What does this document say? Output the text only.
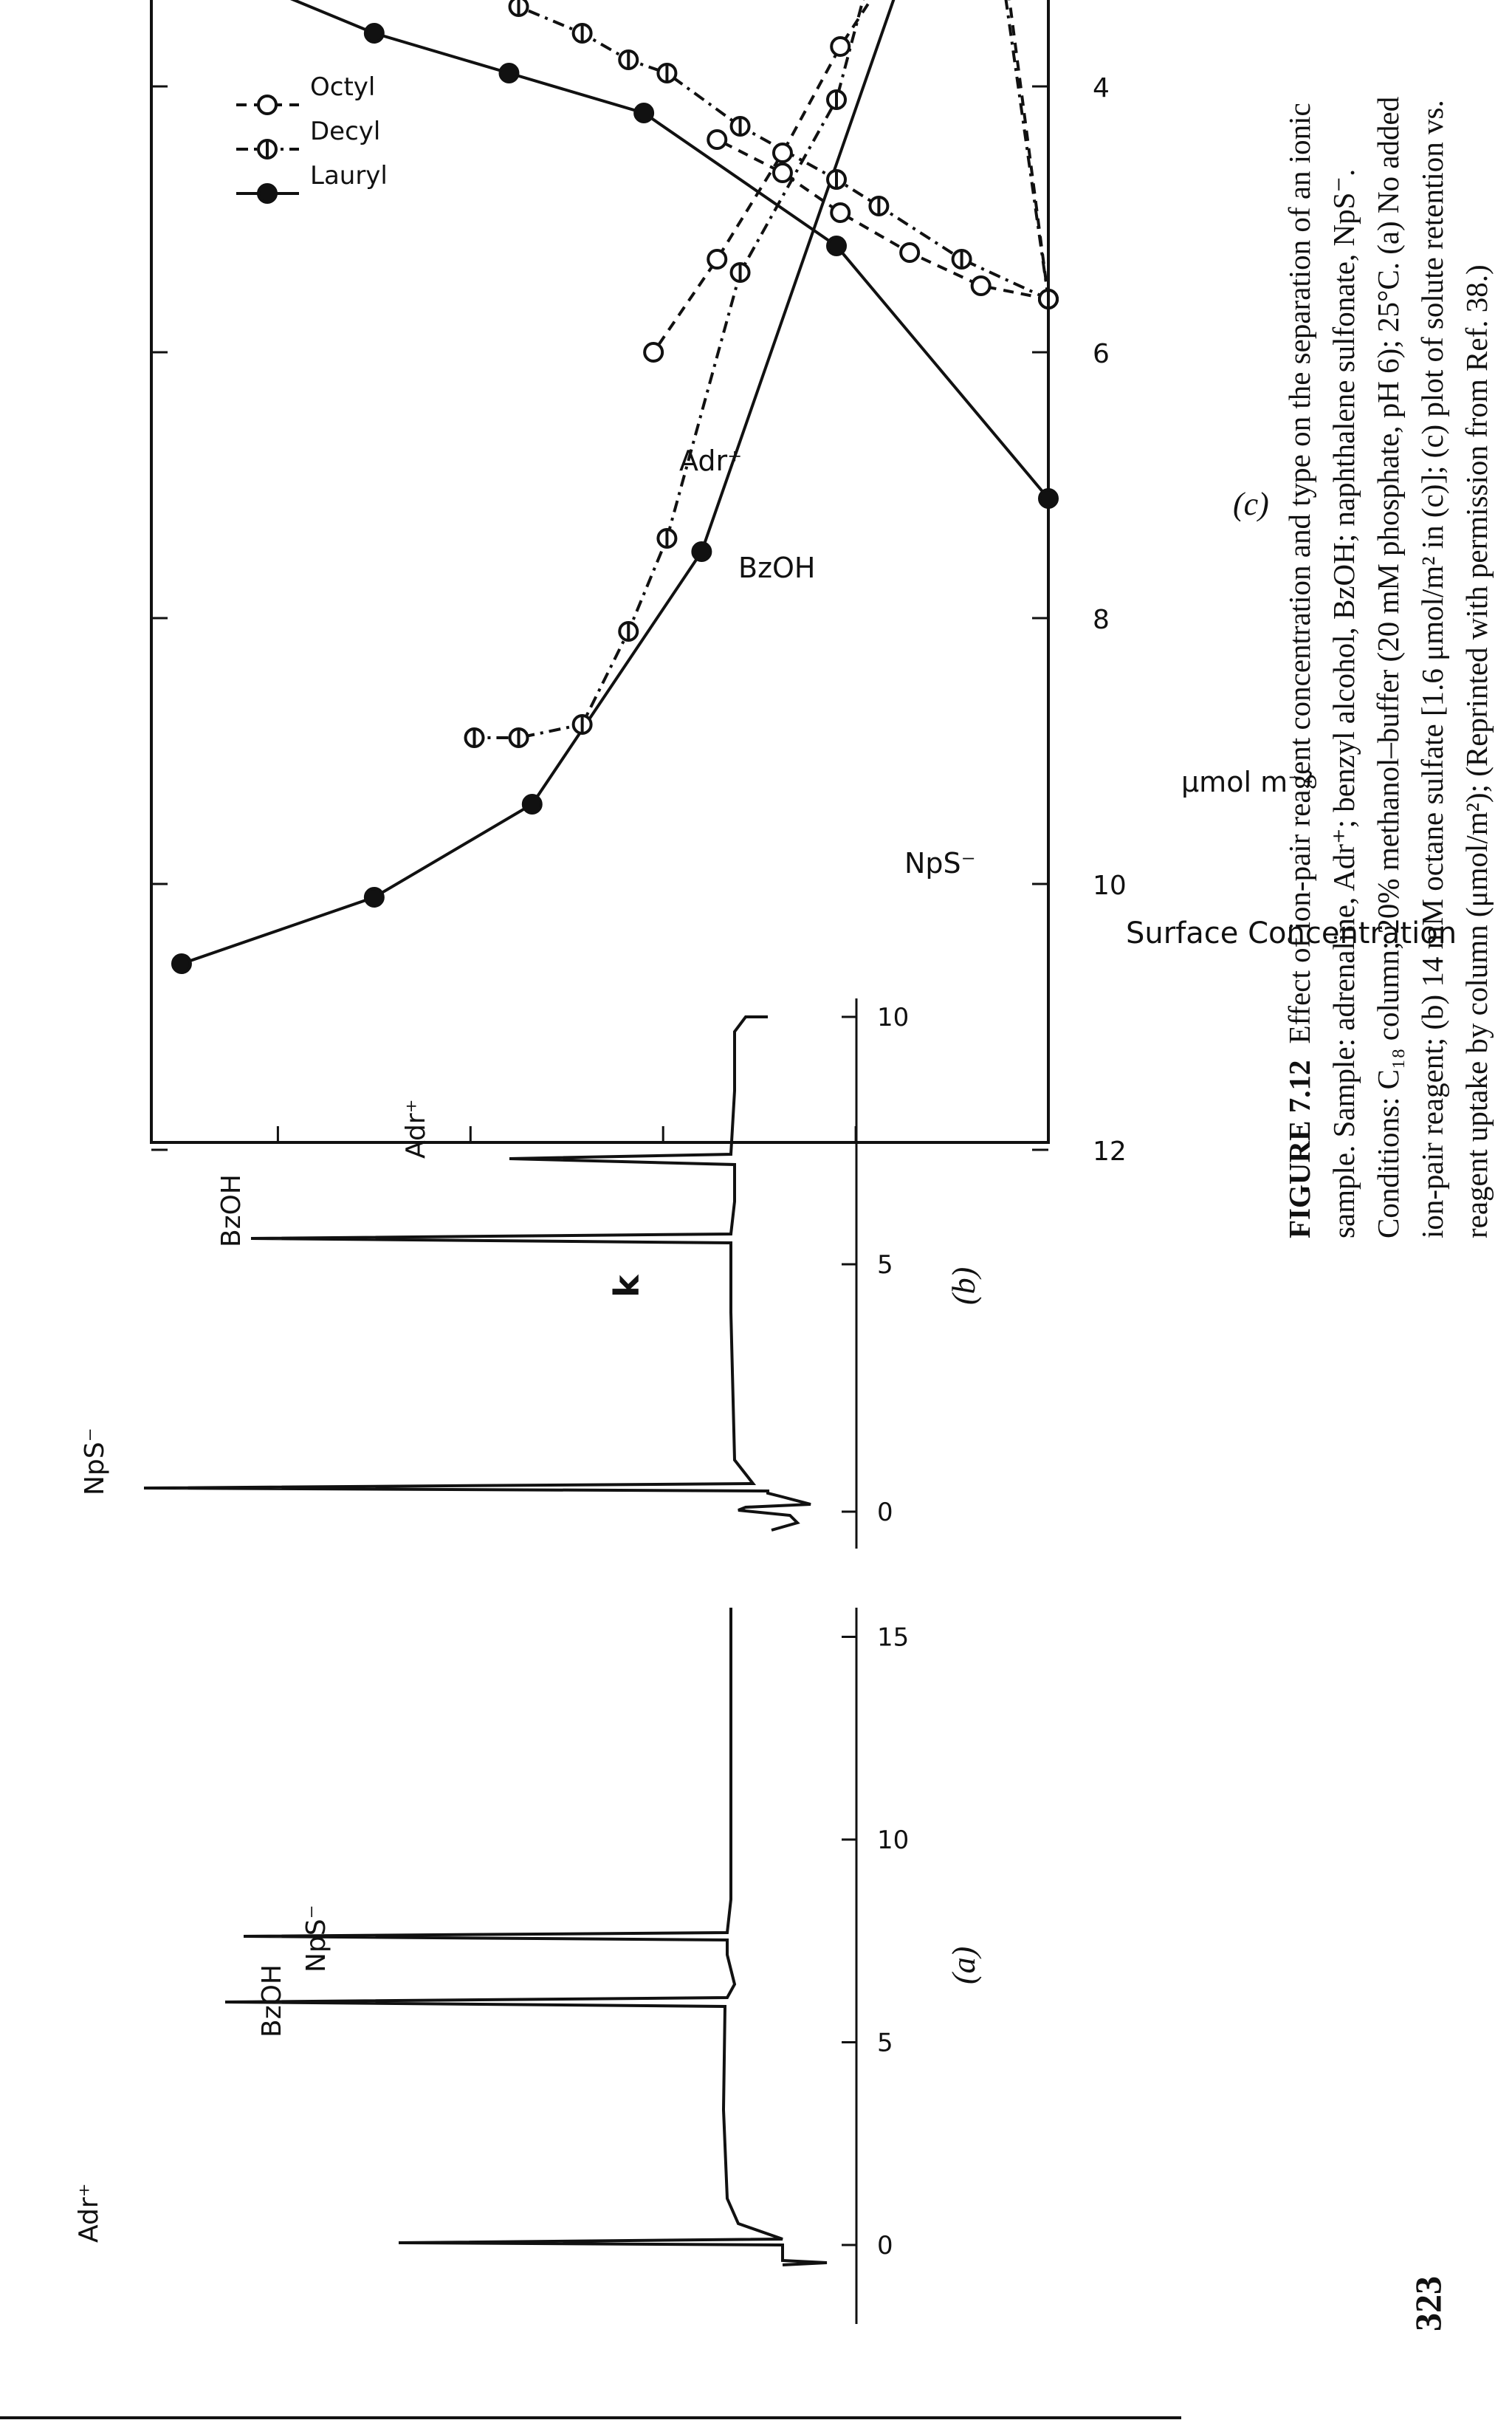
0
5
10
15
Adr⁺
BzOH
NpS⁻	(a)
0
5
10
NpS⁻
BzOH
Adr⁺
(b)
4
6
8
10
12
Octyl
Decyl
Lauryl
Adr⁺
BzOH
NpS⁻
k
Surface Concentration
μmol m⁻²
(c)
323
FIGURE 7.12Effect of ion-pair reagent concentration and type on the separation of an ionic sample. Sample: adrenaline, Adr⁺; benzyl alcohol, BzOH; naphthalene sulfonate, NpS⁻. Conditions: C₁₈ column; 20% methanol–buffer (20 mM phosphate, pH 6); 25°C. (a) No added ion-pair reagent; (b) 14 mM octane sulfate [1.6 μmol/m² in (c)]; (c) plot of solute retention vs. reagent uptake by column (μmol/m²); (Reprinted with permission from Ref. 38.)
